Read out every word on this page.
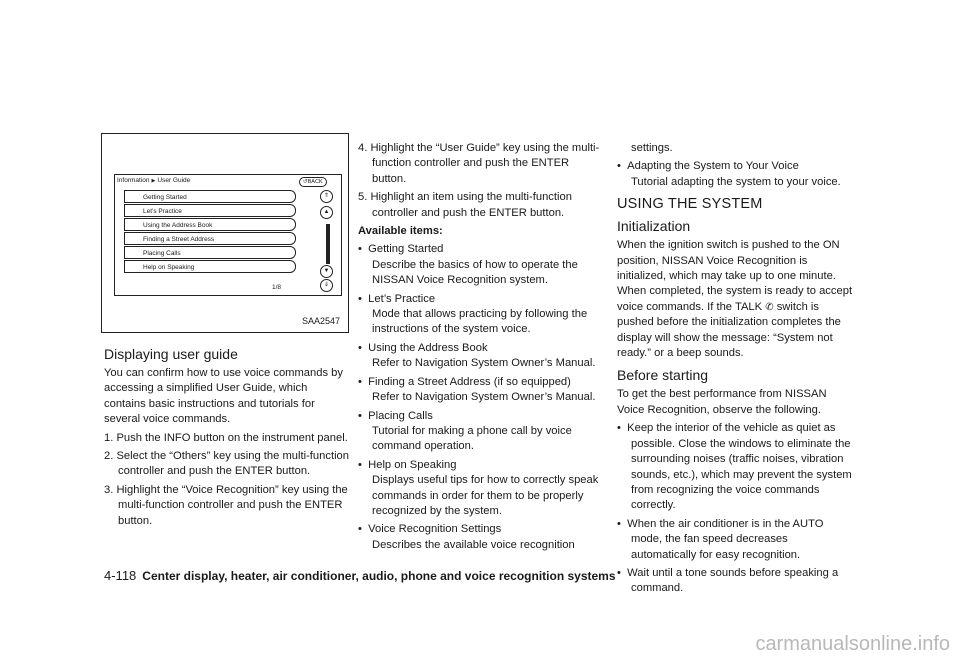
Information ▶ User Guide	↺BACK
Getting Started
Let’s Practice
Using the Address Book
Finding a Street Address
Placing Calls
Help on Speaking
1/8
⇑
▲
▼
⇓
SAA2547
Displaying user guide

You can confirm how to use voice commands by accessing a simplified User Guide, which contains basic instructions and tutorials for several voice commands.

1. Push the INFO button on the instrument panel.

2. Select the “Others” key using the multi-function controller and push the ENTER button.

3. Highlight the “Voice Recognition” key using the multi-function controller and push the ENTER button.

4. Highlight the “User Guide” key using the multi-function controller and push the ENTER button.

5. Highlight an item using the multi-function controller and push the ENTER button.

Available items:

•  Getting Started

Describe the basics of how to operate the NISSAN Voice Recognition system.

•  Let’s Practice

Mode that allows practicing by following the instructions of the system voice.

•  Using the Address Book

Refer to Navigation System Owner’s Manual.

•  Finding a Street Address (if so equipped)

Refer to Navigation System Owner’s Manual.

•  Placing Calls

Tutorial for making a phone call by voice command operation.

•  Help on Speaking

Displays useful tips for how to correctly speak commands in order for them to be properly recognized by the system.

•  Voice Recognition Settings

Describes the available voice recognition

settings.

•  Adapting the System to Your Voice

Tutorial adapting the system to your voice.

USING THE SYSTEM
Initialization

When the ignition switch is pushed to the ON position, NISSAN Voice Recognition is initialized, which may take up to one minute. When completed, the system is ready to accept voice commands. If the TALK ✆ switch is pushed before the initialization completes the display will show the message: “System not ready.” or a beep sounds.

Before starting

To get the best performance from NISSAN Voice Recognition, observe the following.

•  Keep the interior of the vehicle as quiet as possible. Close the windows to eliminate the surrounding noises (traffic noises, vibration sounds, etc.), which may prevent the system from recognizing the voice commands correctly.

•  When the air conditioner is in the AUTO mode, the fan speed decreases automatically for easy recognition.

•  Wait until a tone sounds before speaking a command.

4-118 Center display, heater, air conditioner, audio, phone and voice recognition systems
carmanualsonline.info
